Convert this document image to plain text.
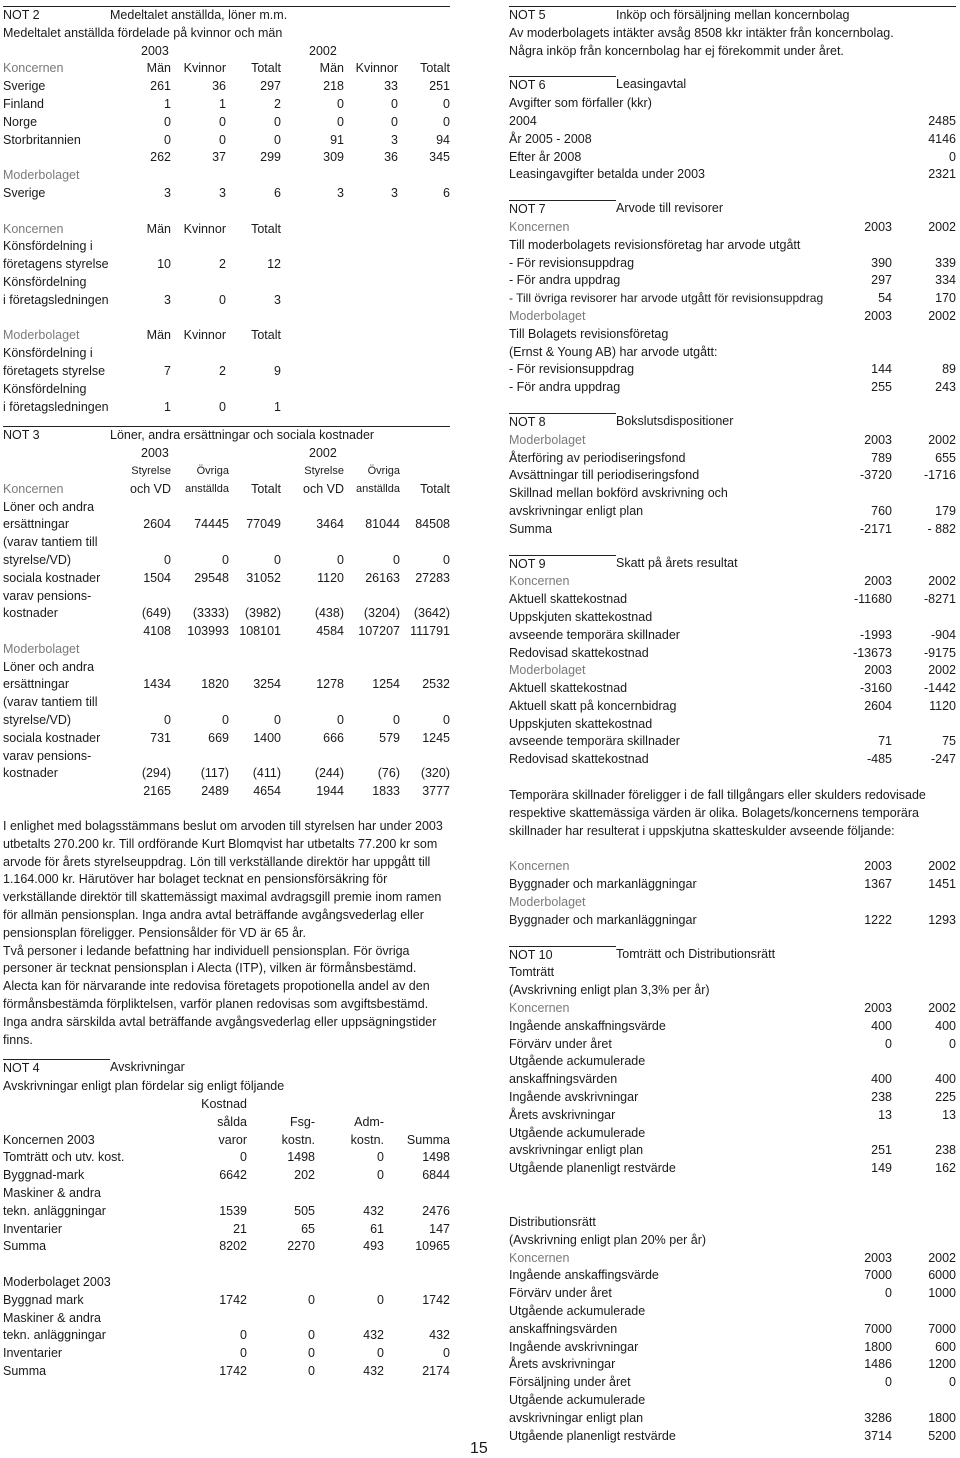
NOT 2	Medeltalet anställda, löner m.m.

Medeltalet anställda fördelade på kvinnor och män

	2003			2002		
Koncernen	Män	Kvinnor	Totalt	Män	Kvinnor	Totalt
Sverige	261	36	297	218	33	251
Finland	1	1	2	0	0	0
Norge	0	0	0	0	0	0
Storbritannien	0	0	0	91	3	94
	262	37	299	309	36	345
Moderbolaget						
Sverige	3	3	6	3	3	6

Koncernen	Män	Kvinnor	Totalt			
Könsfördelning i						
företagens styrelse	10	2	12			
Könsfördelning						
i företagsledningen	3	0	3			

Moderbolaget	Män	Kvinnor	Totalt			
Könsfördelning i						
företagets styrelse	7	2	9			
Könsfördelning						
i företagsledningen	1	0	1			
NOT 3	Löner, andra ersättningar och sociala kostnader
	2003			2002		
	Styrelse	Övriga		Styrelse	Övriga	
Koncernen	och VD	anställda	Totalt	och VD	anställda	Totalt
Löner och andra						
ersättningar	2604	74445	77049	3464	81044	84508
(varav tantiem till						
styrelse/VD)	0	0	0	0	0	0
sociala kostnader	1504	29548	31052	1120	26163	27283
varav pensions-						
kostnader	(649)	(3333)	(3982)	(438)	(3204)	(3642)
	4108	103993	108101	4584	107207	111791
Moderbolaget						
Löner och andra						
ersättningar	1434	1820	3254	1278	1254	2532
(varav tantiem till						
styrelse/VD)	0	0	0	0	0	0
sociala kostnader	731	669	1400	666	579	1245
varav pensions-						
kostnader	(294)	(117)	(411)	(244)	(76)	(320)
	2165	2489	4654	1944	1833	3777

I enlighet med bolagsstämmans beslut om arvoden till styrelsen har under 2003 utbetalts 270.200 kr. Till ordförande Kurt Blomqvist har utbetalts 77.200 kr som arvode för årets styrelseuppdrag. Lön till verkställande direktör har uppgått till 1.164.000 kr. Härutöver har bolaget tecknat en pensionsförsäkring för verkställande direktör till skattemässigt maximal avdragsgill premie inom ramen för allmän pensionsplan. Inga andra avtal beträffande avgångsvederlag eller pensionsplan föreligger. Pensionsålder för VD är 65 år.

Två personer i ledande befattning har individuell pensionsplan. För övriga personer är tecknat pensionsplan i Alecta (ITP), vilken är förmånsbestämd. Alecta kan för närvarande inte redovisa företagets propotionella andel av den förmånsbestämda förpliktelsen, varför planen redovisas som avgiftsbestämd. Inga andra särskilda avtal beträffande avgångsvederlag eller uppsägningstider finns.

NOT 4	Avskrivningar

Avskrivningar enligt plan fördelar sig enligt följande

	Kostnad			
	sålda	Fsg-	Adm-	
Koncernen 2003	varor	kostn.	kostn.	Summa
Tomträtt och utv. kost.	0	1498	0	1498
Byggnad-mark	6642	202	0	6844
Maskiner & andra				
tekn. anläggningar	1539	505	432	2476
Inventarier	21	65	61	147
Summa	8202	2270	493	10965

Moderbolaget 2003				
Byggnad mark	1742	0	0	1742
Maskiner & andra				
tekn. anläggningar	0	0	432	432
Inventarier	0	0	0	0
Summa	1742	0	432	2174
NOT 5	Inköp och försäljning mellan koncernbolag

Av moderbolagets intäkter avsåg 8508 kkr intäkter från koncernbolag.

Några inköp från koncernbolag har ej förekommit under året.

NOT 6	Leasingavtal

Avgifter som förfaller (kkr)

2004	2485
År 2005 - 2008	4146
Efter år 2008	0
Leasingavgifter betalda under 2003	2321
NOT 7	Arvode till revisorer
Koncernen	2003	2002
Till moderbolagets revisionsföretag har arvode utgått		
- För revisionsuppdrag	390	339
- För andra uppdrag	297	334
- Till övriga revisorer har arvode utgått för revisionsuppdrag	54	170
Moderbolaget	2003	2002
Till Bolagets revisionsföretag		
(Ernst & Young AB) har arvode utgått:		
- För revisionsuppdrag	144	89
- För andra uppdrag	255	243
NOT 8	Bokslutsdispositioner
Moderbolaget	2003	2002
Återföring av periodiseringsfond	789	655
Avsättningar till periodiseringsfond	-3720	-1716
Skillnad mellan bokförd avskrivning och		
avskrivningar enligt plan	760	179
Summa	-2171	- 882
NOT 9	Skatt på årets resultat
Koncernen	2003	2002
Aktuell skattekostnad	-11680	-8271
Uppskjuten skattekostnad		
avseende temporära skillnader	-1993	-904
Redovisad skattekostnad	-13673	-9175
Moderbolaget	2003	2002
Aktuell skattekostnad	-3160	-1442
Aktuell skatt på koncernbidrag	2604	1120
Uppskjuten skattekostnad		
avseende temporära skillnader	71	75
Redovisad skattekostnad	-485	-247

Temporära skillnader föreligger i de fall tillgångars eller skulders redovisade respektive skattemässiga värden är olika. Bolagets/koncernens temporära skillnader har resulterat i uppskjutna skatteskulder avseende följande:

Koncernen	2003	2002
Byggnader och markanläggningar	1367	1451
Moderbolaget		
Byggnader och markanläggningar	1222	1293
NOT 10	Tomträtt och Distributionsrätt

Tomträtt

(Avskrivning enligt plan 3,3% per år)

Koncernen	2003	2002
Ingående anskaffningsvärde	400	400
Förvärv under året	0	0
Utgående ackumulerade		
anskaffningsvärden	400	400
Ingående avskrivningar	238	225
Årets avskrivningar	13	13
Utgående ackumulerade		
avskrivningar enligt plan	251	238
Utgående planenligt restvärde	149	162

Distributionsrätt

(Avskrivning enligt plan 20% per år)

Koncernen	2003	2002
Ingående anskaffingsvärde	7000	6000
Förvärv under året	0	1000
Utgående ackumulerade		
anskaffningsvärden	7000	7000
Ingående avskrivningar	1800	600
Årets avskrivningar	1486	1200
Försäljning under året	0	0
Utgående ackumulerade		
avskrivningar enligt plan	3286	1800
Utgående planenligt restvärde	3714	5200
15
